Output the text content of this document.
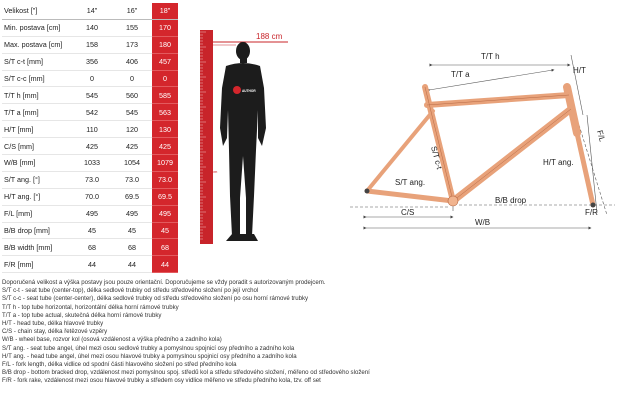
Velikost ["]	14"	16"	18"
Min. postava [cm]	140	155	170
Max. postava [cm]	158	173	180
S/T c-t [mm]	356	406	457
S/T c-c [mm]	0	0	0
T/T h [mm]	545	560	585
T/T a [mm]	542	545	563
H/T [mm]	110	120	130
C/S [mm]	425	425	425
W/B [mm]	1033	1054	1079
S/T ang. [°]	73.0	73.0	73.0
H/T ang. [°]	70.0	69.5	69.5
F/L [mm]	495	495	495
B/B drop [mm]	45	45	45
B/B width [mm]	68	68	68
F/R [mm]	44	44	44
188 cm
cm
AUTHOR
T/T h
T/T a	H/T
S/T c-t
F/L
S/T ang.
H/T ang.
B/B drop
C/S
W/B
F/R
Doporučená velikost a výška postavy jsou pouze orientační. Doporučujeme se vždy poradit s autorizovaným prodejcem.
S/T c-t - seat tube (center-top), délka sedlové trubky od středu středového složení po její vrchol
S/T c-c - seat tube (center-center), délka sedlové trubky od středu středového složení po osu horní rámové trubky
T/T h - top tube horizontal, horizontální délka horní rámové trubky
T/T a - top tube actual, skutečná délka horní rámové trubky
H/T - head tube, délka hlavové trubky
C/S - chain stay, délka řetězové vzpěry
W/B - wheel base, rozvor kol (osová vzdálenost a výška předního a zadního kola)
S/T ang. - seat tube angel, úhel mezi osou sedlové trubky a pomyslnou spojnicí osy předního a zadního kola
H/T ang. - head tube angel, úhel mezi osou hlavové trubky a pomyslnou spojnicí osy předního a zadního kola
F/L - fork length, délka vidlice od spodní části hlavového složení po střed předního kola
B/B drop - bottom bracked drop, vzdálenost mezi pomyslnou spoj. středů kol a středu středového složení, měřeno od středového složení
F/R - fork rake, vzdálenost mezi osou hlavové trubky a středem osy vidlice měřeno ve středu předního kola, tzv. off set
